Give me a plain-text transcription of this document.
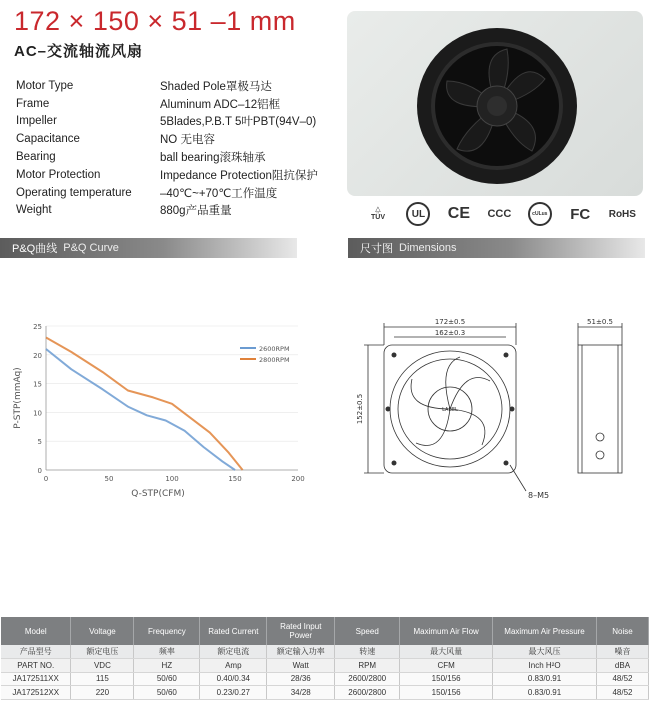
172 × 150 × 51 –1 mm
AC–交流轴流风扇
Motor Type	Shaded Pole罩极马达
Frame	Aluminum ADC–12铝框
Impeller	5Blades,P.B.T 5叶PBT(94V–0)
Capacitance	NO 无电容
Bearing	ball bearing滚珠轴承
Motor Protection	Impedance Protection阻抗保护
Operating temperature	–40℃~+70℃工作温度
Weight	880g产品重量	△
TÜV	UL	CE CCC	cULus FC RoHS
P&Q曲线 P&Q Curve	尺寸图 Dimensions
0
5
10
15
20
25
0	50	100	150	200
Q-STP(CFM)
P-STP(mmAq)
2600RPM
2800RPM
172±0.5
162±0.3
152±0.5
51±0.5
8–M5
LABEL
Model	Voltage	Frequency	Rated Current	Rated Input Power	Speed	Maximum Air Flow	Maximum Air Pressure	Noise
产品型号	额定电压	频率	额定电流	额定输入功率	转速	最大风量	最大风压	噪音
PART NO.	VDC	HZ	Amp	Watt	RPM	CFM	Inch H²O	dBA
JA172511XX	115	50/60	0.40/0.34	28/36	2600/2800	150/156	0.83/0.91	48/52
JA172512XX	220	50/60	0.23/0.27	34/28	2600/2800	150/156	0.83/0.91	48/52
